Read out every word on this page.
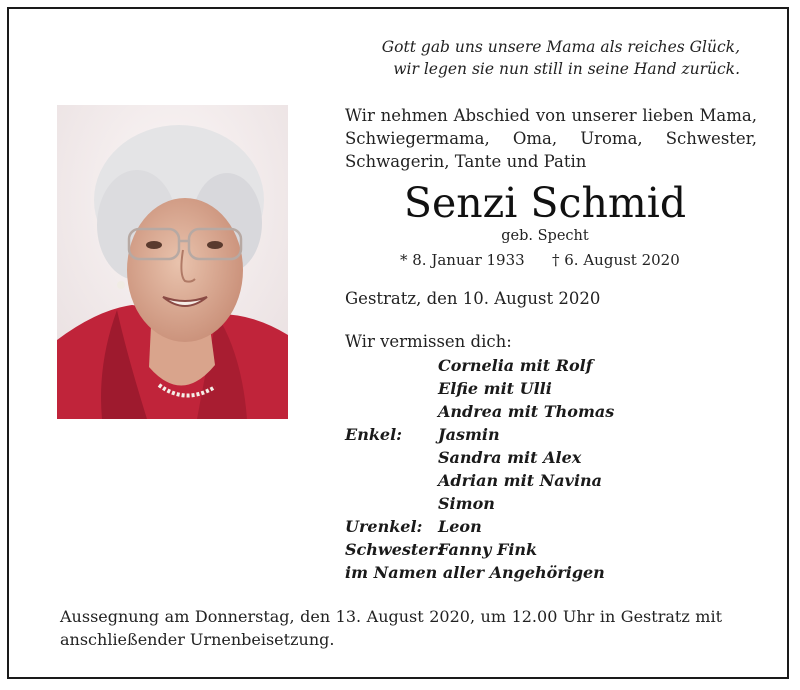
Gott gab uns unsere Mama als reiches Glück,
wir legen sie nun still in seine Hand zurück.
Wir nehmen Abschied von unserer lieben Mama,
Schwiegermama, Oma, Uroma, Schwester,
Schwagerin, Tante und Patin
Senzi Schmid
geb. Specht
* 8. Januar 1933 † 6. August 2020
Gestratz, den 10. August 2020
Wir vermissen dich:
Cornelia mit Rolf
Elfie mit Ulli
Andrea mit Thomas
Enkel: Jasmin
Sandra mit Alex
Adrian mit Navina
Simon
Urenkel: Leon
Schwester:
Fanny Fink
im Namen aller Angehörigen
Aussegnung am Donnerstag, den 13. August 2020, um 12.00 Uhr in Gestratz mit anschließender Urnenbeisetzung.
